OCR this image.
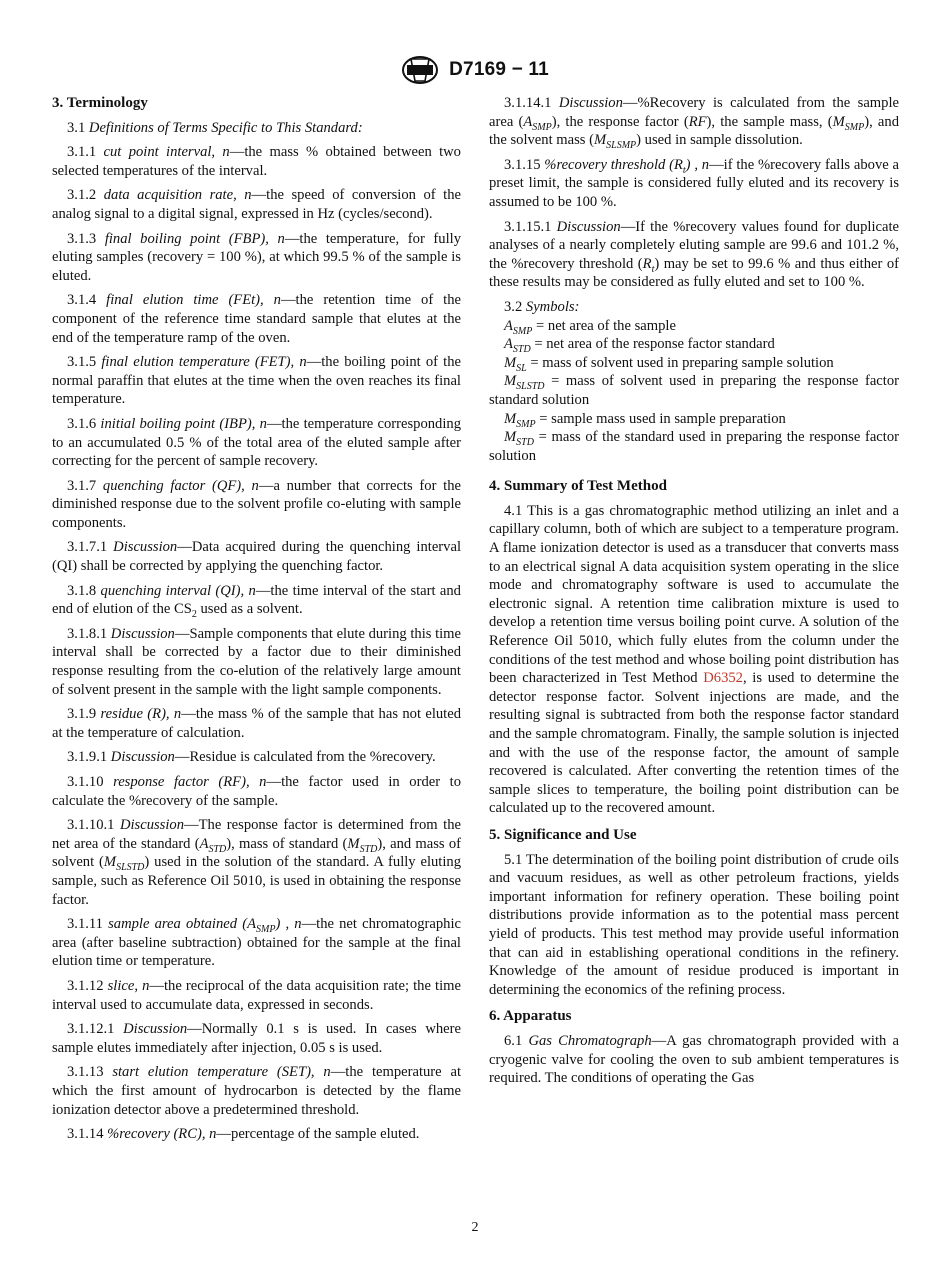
D7169 − 11

3. Terminology

3.1 Definitions of Terms Specific to This Standard:

3.1.1 cut point interval, n—the mass % obtained between two selected temperatures of the interval.

3.1.2 data acquisition rate, n—the speed of conversion of the analog signal to a digital signal, expressed in Hz (cycles/second).

3.1.3 final boiling point (FBP), n—the temperature, for fully eluting samples (recovery = 100 %), at which 99.5 % of the sample is eluted.

3.1.4 final elution time (FEt), n—the retention time of the component of the reference time standard sample that elutes at the end of the temperature ramp of the oven.

3.1.5 final elution temperature (FET), n—the boiling point of the normal paraffin that elutes at the time when the oven reaches its final temperature.

3.1.6 initial boiling point (IBP), n—the temperature corresponding to an accumulated 0.5 % of the total area of the eluted sample after correcting for the percent of sample recovery.

3.1.7 quenching factor (QF), n—a number that corrects for the diminished response due to the solvent profile co-eluting with sample components.

3.1.7.1 Discussion—Data acquired during the quenching interval (QI) shall be corrected by applying the quenching factor.

3.1.8 quenching interval (QI), n—the time interval of the start and end of elution of the $CS_2$ used as a solvent.

3.1.8.1 Discussion—Sample components that elute during this time interval shall be corrected by a factor due to their diminished response resulting from the co-elution of the relatively large amount of solvent present in the sample with the light sample components.

3.1.9 residue (R), n—the mass % of the sample that has not eluted at the temperature of calculation.

3.1.9.1 Discussion—Residue is calculated from the %recovery.

3.1.10 response factor (RF), n—the factor used in order to calculate the %recovery of the sample.

3.1.10.1 Discussion—The response factor is determined from the net area of the standard $(A_{STD})$, mass of standard $(M_{STD})$, and mass of solvent $(M_{SLSTD})$ used in the solution of the standard. A fully eluting sample, such as Reference Oil 5010, is used in obtaining the response factor.

3.1.11 sample area obtained $(A_{SMP})$ , n—the net chromatographic area (after baseline subtraction) obtained for the sample at the final elution time or temperature.

3.1.12 slice, n—the reciprocal of the data acquisition rate; the time interval used to accumulate data, expressed in seconds.

3.1.12.1 Discussion—Normally 0.1 s is used. In cases where sample elutes immediately after injection, 0.05 s is used.

3.1.13 start elution temperature (SET), n—the temperature at which the first amount of hydrocarbon is detected by the flame ionization detector above a predetermined threshold.

3.1.14 %recovery (RC), n—percentage of the sample eluted.

3.1.14.1 Discussion—%Recovery is calculated from the sample area $(A_{SMP})$, the response factor (RF), the sample mass, $(M_{SMP})$, and the solvent mass $(M_{SLSMP})$ used in sample dissolution.

3.1.15 %recovery threshold $(R_t)$ , n—if the %recovery falls above a preset limit, the sample is considered fully eluted and its recovery is assumed to be 100 %.

3.1.15.1 Discussion—If the %recovery values found for duplicate analyses of a nearly completely eluting sample are 99.6 and 101.2 %, the %recovery threshold $(R_t)$ may be set to 99.6 % and thus either of these results may be considered as fully eluted and set to 100 %.

3.2 Symbols:

$A_{SMP}$ = net area of the sample

$A_{STD}$ = net area of the response factor standard

$M_{SL}$ = mass of solvent used in preparing sample solution

$M_{SLSTD}$ = mass of solvent used in preparing the response factor standard solution

$M_{SMP}$ = sample mass used in sample preparation

$M_{STD}$ = mass of the standard used in preparing the response factor solution

4. Summary of Test Method

4.1 This is a gas chromatographic method utilizing an inlet and a capillary column, both of which are subject to a temperature program. A flame ionization detector is used as a transducer that converts mass to an electrical signal A data acquisition system operating in the slice mode and chromatography software is used to accumulate the electronic signal. A retention time calibration mixture is used to develop a retention time versus boiling point curve. A solution of the Reference Oil 5010, which fully elutes from the column under the conditions of the test method and whose boiling point distribution has been characterized in Test Method D6352, is used to determine the detector response factor. Solvent injections are made, and the resulting signal is subtracted from both the response factor standard and the sample chromatogram. Finally, the sample solution is injected and with the use of the response factor, the amount of sample recovered is calculated. After converting the retention times of the sample slices to temperature, the boiling point distribution can be calculated up to the recovered amount.

5. Significance and Use

5.1 The determination of the boiling point distribution of crude oils and vacuum residues, as well as other petroleum fractions, yields important information for refinery operation. These boiling point distributions provide information as to the potential mass percent yield of products. This test method may provide useful information that can aid in establishing operational conditions in the refinery. Knowledge of the amount of residue produced is important in determining the economics of the refining process.

6. Apparatus

6.1 Gas Chromatograph—A gas chromatograph provided with a cryogenic valve for cooling the oven to sub ambient temperatures is required. The conditions of operating the Gas

2
